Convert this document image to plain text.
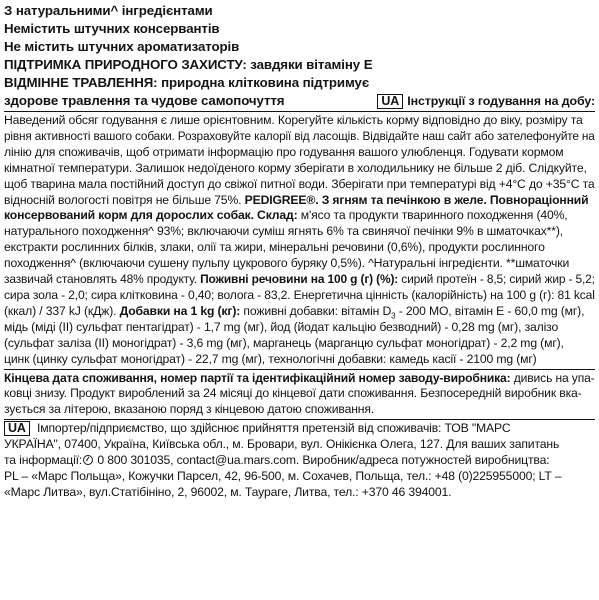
З натуральними^ інгредієнтами
Неміcтить штучних консервантів
Не містить штучних ароматизаторів
ПІДТРИМКА ПРИРОДНОГО ЗАХИСТУ: завдяки вітаміну Е
ВІДМІННЕ ТРАВЛЕННЯ: природна клітковина підтримує
здорове травлення та чудове самопочуття	UA Інструкції з годування на добу:
Наведений обсяг годування є лише орієнтовним. Корегуйте кількість корму відповідно до віку, розміру та
рівня активності вашого собаки. Розраховуйте калорії від ласощів. Відвідайте наш сайт або зателефонуйте на
лінію для споживачів, щоб отримати інформацію про годування вашого улюбленця. Годувати кормом
кімнатної температури. Залишок недоїденого корму зберігати в холодильнику не більше 2 діб. Слідкуйте,
щоб тварина мала постійний доступ до свіжої питної води. Зберігати при температурі від +4°С до +35°С та
відносній вологості повітря не більше 75%. PEDIGREE®. З ягням та печінкою в желе. Повнораціонний
консервований корм для дорослих собак. Склад: м'ясо та продукти тваринного походження (40%,
натурального походження^ 93%; включаючи суміш ягнять 6% та свинячої печінки 9% в шматочках**),
екстракти рослинних білків, злаки, олії та жири, мінеральні речовини (0,6%), продукти рослинного
походження^ (включаючи сушену пульпу цукрового буряку 0,5%). ^Натуральні інгредієнти. **шматочки
зазвичай становлять 48% продукту. Поживні речовини на 100 g (г) (%): сирий протеїн - 8,5; сирий жир - 5,2;
сира зола - 2,0; сира клітковина - 0,40; волога - 83,2. Енергетична цінність (калорійність) на 100 g (г): 81 kcal
(ккал) / 337 kJ (кДж). Добавки на 1 kg (кг): поживні добавки: вітамін $D_3 - 200$ МО, вітамін Е - 60,0 mg (мг),
мідь (мідi (II) сульфат пентагідрат) - 1,7 mg (мг), йод (йодат кальцію безводний) - 0,28 mg (мг), залізо
(сульфат заліза (II) моногідрат) - 3,6 mg (мг), марганець (марганцю сульфат моногідрат) - 2,2 mg (мг),
цинк (цинку сульфат моногідрат) - 22,7 mg (мг), технологічні добавки: камедь касії - 2100 mg (мг)
Кінцева дата споживання, номер партії та ідентифікаційний номер заводу-виробника: дивись на упа-
ковці знизу. Продукт вироблений за 24 місяці до кінцевої дати споживання. Безпосередній виробник вка-
зується за літерою, вказаною поряд з кінцевою датою споживання.
UA Імпортер/підприємство, що здійснює прийняття претензій від споживачів: ТОВ "МАРС
УКРАЇНА", 07400, Україна, Київська обл., м. Бровари, вул. Онікієнка Олега, 127. Для ваших запитань
та інформації: 0 800 301035, contact@ua.mars.com. Виробник/адреса потужностей виробництва:
PL – «Марс Польща», Кожучки Парсел, 42, 96-500, м. Сохачев, Польща, тел.: +48 (0)225955000; LT –
«Марс Литва», вул.Статібініно, 2, 96002, м. Таураге, Литва, тел.: +370 46 394001.
